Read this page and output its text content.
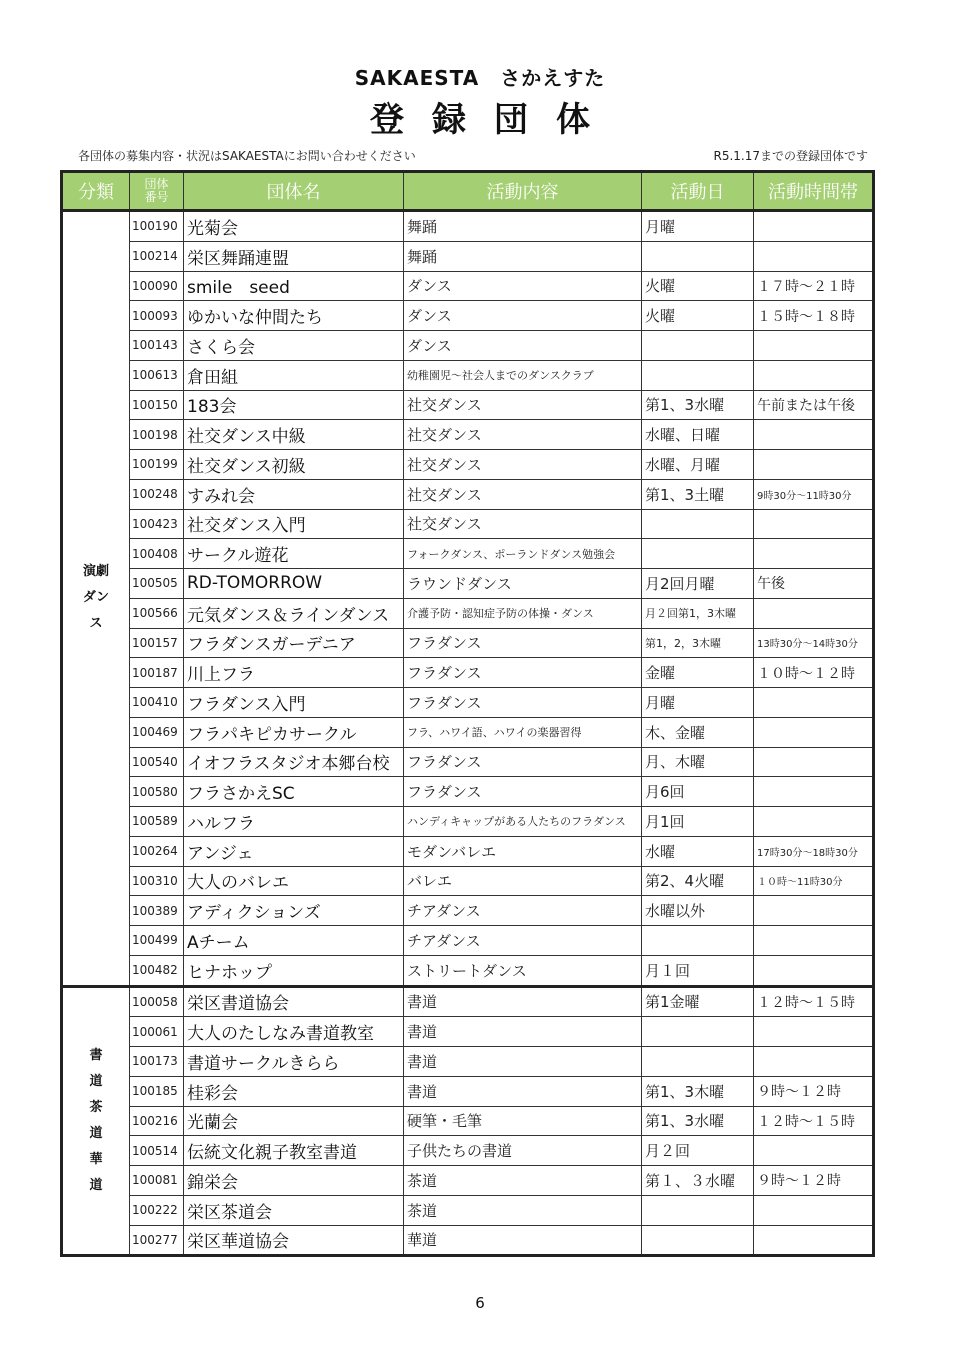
SAKAESTA　さかえすた
登録団体
各団体の募集内容・状況はSAKAESTAにお問い合わせください	R5.1.17までの登録団体です
分類	団体番号	団体名	活動内容	活動日	活動時間帯
演劇ダンス	100190	光菊会	舞踊	月曜	
	100214	栄区舞踊連盟	舞踊		
	100090	smile　seed	ダンス	火曜	１７時～２１時
	100093	ゆかいな仲間たち	ダンス	火曜	１５時～１８時
	100143	さくら会	ダンス		
	100613	倉田組	幼稚園児～社会人までのダンスクラブ		
	100150	183会	社交ダンス	第1、3水曜	午前または午後
	100198	社交ダンス中級	社交ダンス	水曜、日曜	
	100199	社交ダンス初級	社交ダンス	水曜、月曜	
	100248	すみれ会	社交ダンス	第1、3土曜	9時30分～11時30分
	100423	社交ダンス入門	社交ダンス		
	100408	サークル遊花	フォークダンス、ポーランドダンス勉強会		
	100505	RD-TOMORROW	ラウンドダンス	月2回月曜	午後
	100566	元気ダンス＆ラインダンス	介護予防・認知症予防の体操・ダンス	月２回第1，3木曜	
	100157	フラダンスガーデニア	フラダンス	第1，2，3木曜	13時30分～14時30分
	100187	川上フラ	フラダンス	金曜	１０時～１２時
	100410	フラダンス入門	フラダンス	月曜	
	100469	フラパキピカサークル	フラ、ハワイ語、ハワイの楽器習得	木、金曜	
	100540	イオフラスタジオ本郷台校	フラダンス	月、木曜	
	100580	フラさかえSC	フラダンス	月6回	
	100589	ハルフラ	ハンディキャップがある人たちのフラダンス	月1回	
	100264	アンジェ	モダンバレエ	水曜	17時30分～18時30分
	100310	大人のバレエ	バレエ	第2、4火曜	１０時～11時30分
	100389	アディクションズ	チアダンス	水曜以外	
	100499	Aチーム	チアダンス		
	100482	ヒナホップ	ストリートダンス	月１回	
書道茶道華道	100058	栄区書道協会	書道	第1金曜	１２時～１５時
	100061	大人のたしなみ書道教室	書道		
	100173	書道サークルきらら	書道		
	100185	桂彩会	書道	第1、3木曜	９時～１２時
	100216	光蘭会	硬筆・毛筆	第1、3水曜	１２時～１５時
	100514	伝統文化親子教室書道	子供たちの書道	月２回	
	100081	錦栄会	茶道	第１、３水曜	９時～１２時
	100222	栄区茶道会	茶道		
	100277	栄区華道協会	華道		
6
